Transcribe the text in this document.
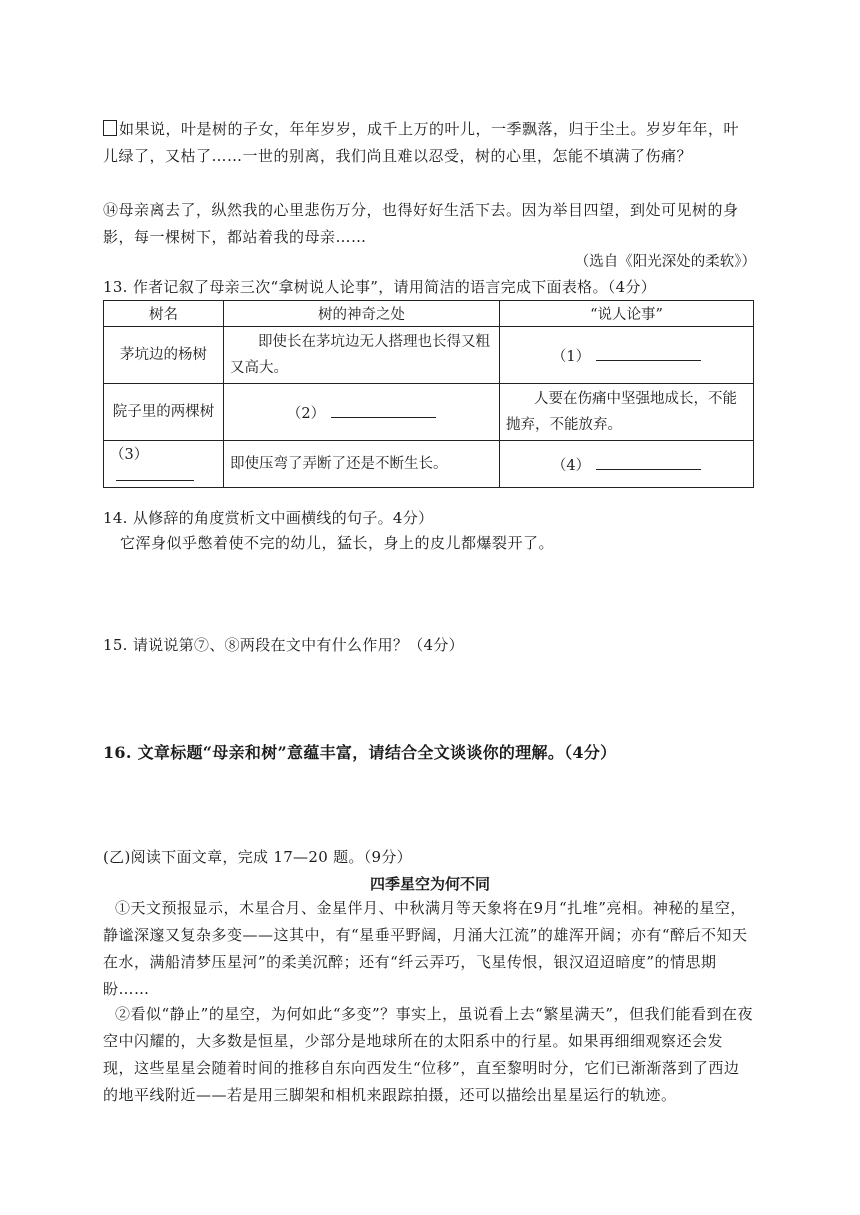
如果说，叶是树的子女，年年岁岁，成千上万的叶儿，一季飘落，归于尘土。岁岁年年，叶儿绿了，又枯了……一世的别离，我们尚且难以忍受，树的心里，怎能不填满了伤痛？

⑭母亲离去了，纵然我的心里悲伤万分，也得好好生活下去。因为举目四望，到处可见树的身影，每一棵树下，都站着我的母亲……

（选自《阳光深处的柔软》）

13. 作者记叙了母亲三次“拿树说人论事”，请用简洁的语言完成下面表格。（4分）

树名	树的神奇之处	“说人论事”
茅坑边的杨树	即使长在茅坑边无人搭理也长得又粗又高大。	（1）
院子里的两棵树	（2）	人要在伤痛中坚强地成长，不能抛弃，不能放弃。
（3）	即使压弯了弄断了还是不断生长。	（4）

14. 从修辞的角度赏析文中画横线的句子。4分）

它浑身似乎憋着使不完的幼儿，猛长，身上的皮儿都爆裂开了。

15. 请说说第⑦、⑧两段在文中有什么作用？（4分）

16. 文章标题“母亲和树”意蕴丰富，请结合全文谈谈你的理解。（4分）

(乙)阅读下面文章，完成 17—20 题。（9分）

四季星空为何不同

①天文预报显示，木星合月、金星伴月、中秋满月等天象将在9月“扎堆”亮相。神秘的星空，静谧深邃又复杂多变——这其中，有“星垂平野阔，月涌大江流”的雄浑开阔；亦有“醉后不知天在水，满船清梦压星河”的柔美沉醉；还有“纤云弄巧，飞星传恨，银汉迢迢暗度”的情思期盼……

②看似“静止”的星空，为何如此“多变”？事实上，虽说看上去“繁星满天”，但我们能看到在夜空中闪耀的，大多数是恒星，少部分是地球所在的太阳系中的行星。如果再细细观察还会发现，这些星星会随着时间的推移自东向西发生“位移”，直至黎明时分，它们已渐渐落到了西边的地平线附近——若是用三脚架和相机来跟踪拍摄，还可以描绘出星星运行的轨迹。
